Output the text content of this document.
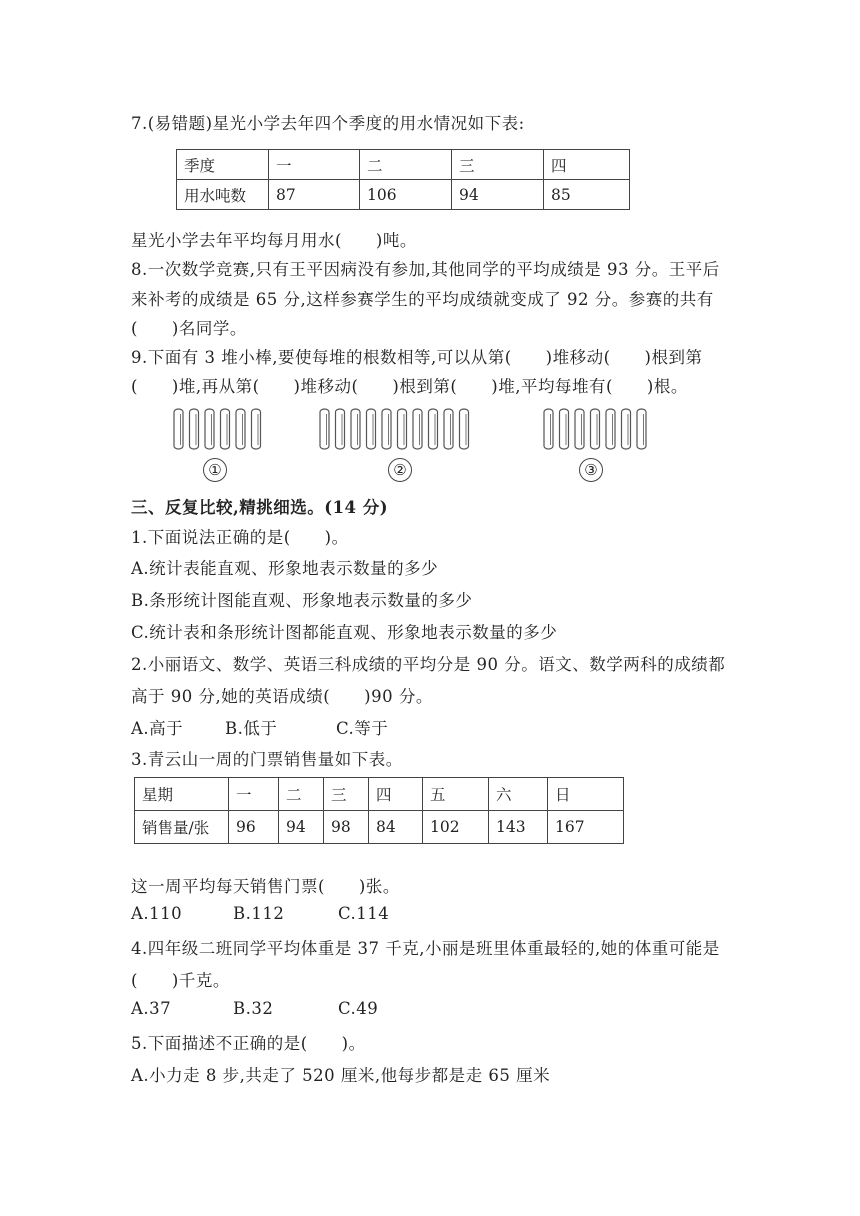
7.(易错题)星光小学去年四个季度的用水情况如下表:
季度	一	二	三	四
用水吨数	87	106	94	85
星光小学去年平均每月用水(　　)吨。
8.一次数学竞赛,只有王平因病没有参加,其他同学的平均成绩是 93 分。王平后
来补考的成绩是 65 分,这样参赛学生的平均成绩就变成了 92 分。参赛的共有
(　　)名同学。
9.下面有 3 堆小棒,要使每堆的根数相等,可以从第(　　)堆移动(　　)根到第
(　　)堆,再从第(　　)堆移动(　　)根到第(　　)堆,平均每堆有(　　)根。
①	②	③
三、反复比较,精挑细选。(14 分)
1.下面说法正确的是(　　)。
A.统计表能直观、形象地表示数量的多少
B.条形统计图能直观、形象地表示数量的多少
C.统计表和条形统计图都能直观、形象地表示数量的多少
2.小丽语文、数学、英语三科成绩的平均分是 90 分。语文、数学两科的成绩都
高于 90 分,她的英语成绩(　　)90 分。
A.高于	B.低于	C.等于
3.青云山一周的门票销售量如下表。
星期	一	二	三	四	五	六	日
销售量/张	96	94	98	84	102	143	167
这一周平均每天销售门票(　　)张。
A.110	B.112	C.114
4.四年级二班同学平均体重是 37 千克,小丽是班里体重最轻的,她的体重可能是
(　　)千克。
A.37	B.32	C.49
5.下面描述不正确的是(　　)。
A.小力走 8 步,共走了 520 厘米,他每步都是走 65 厘米
